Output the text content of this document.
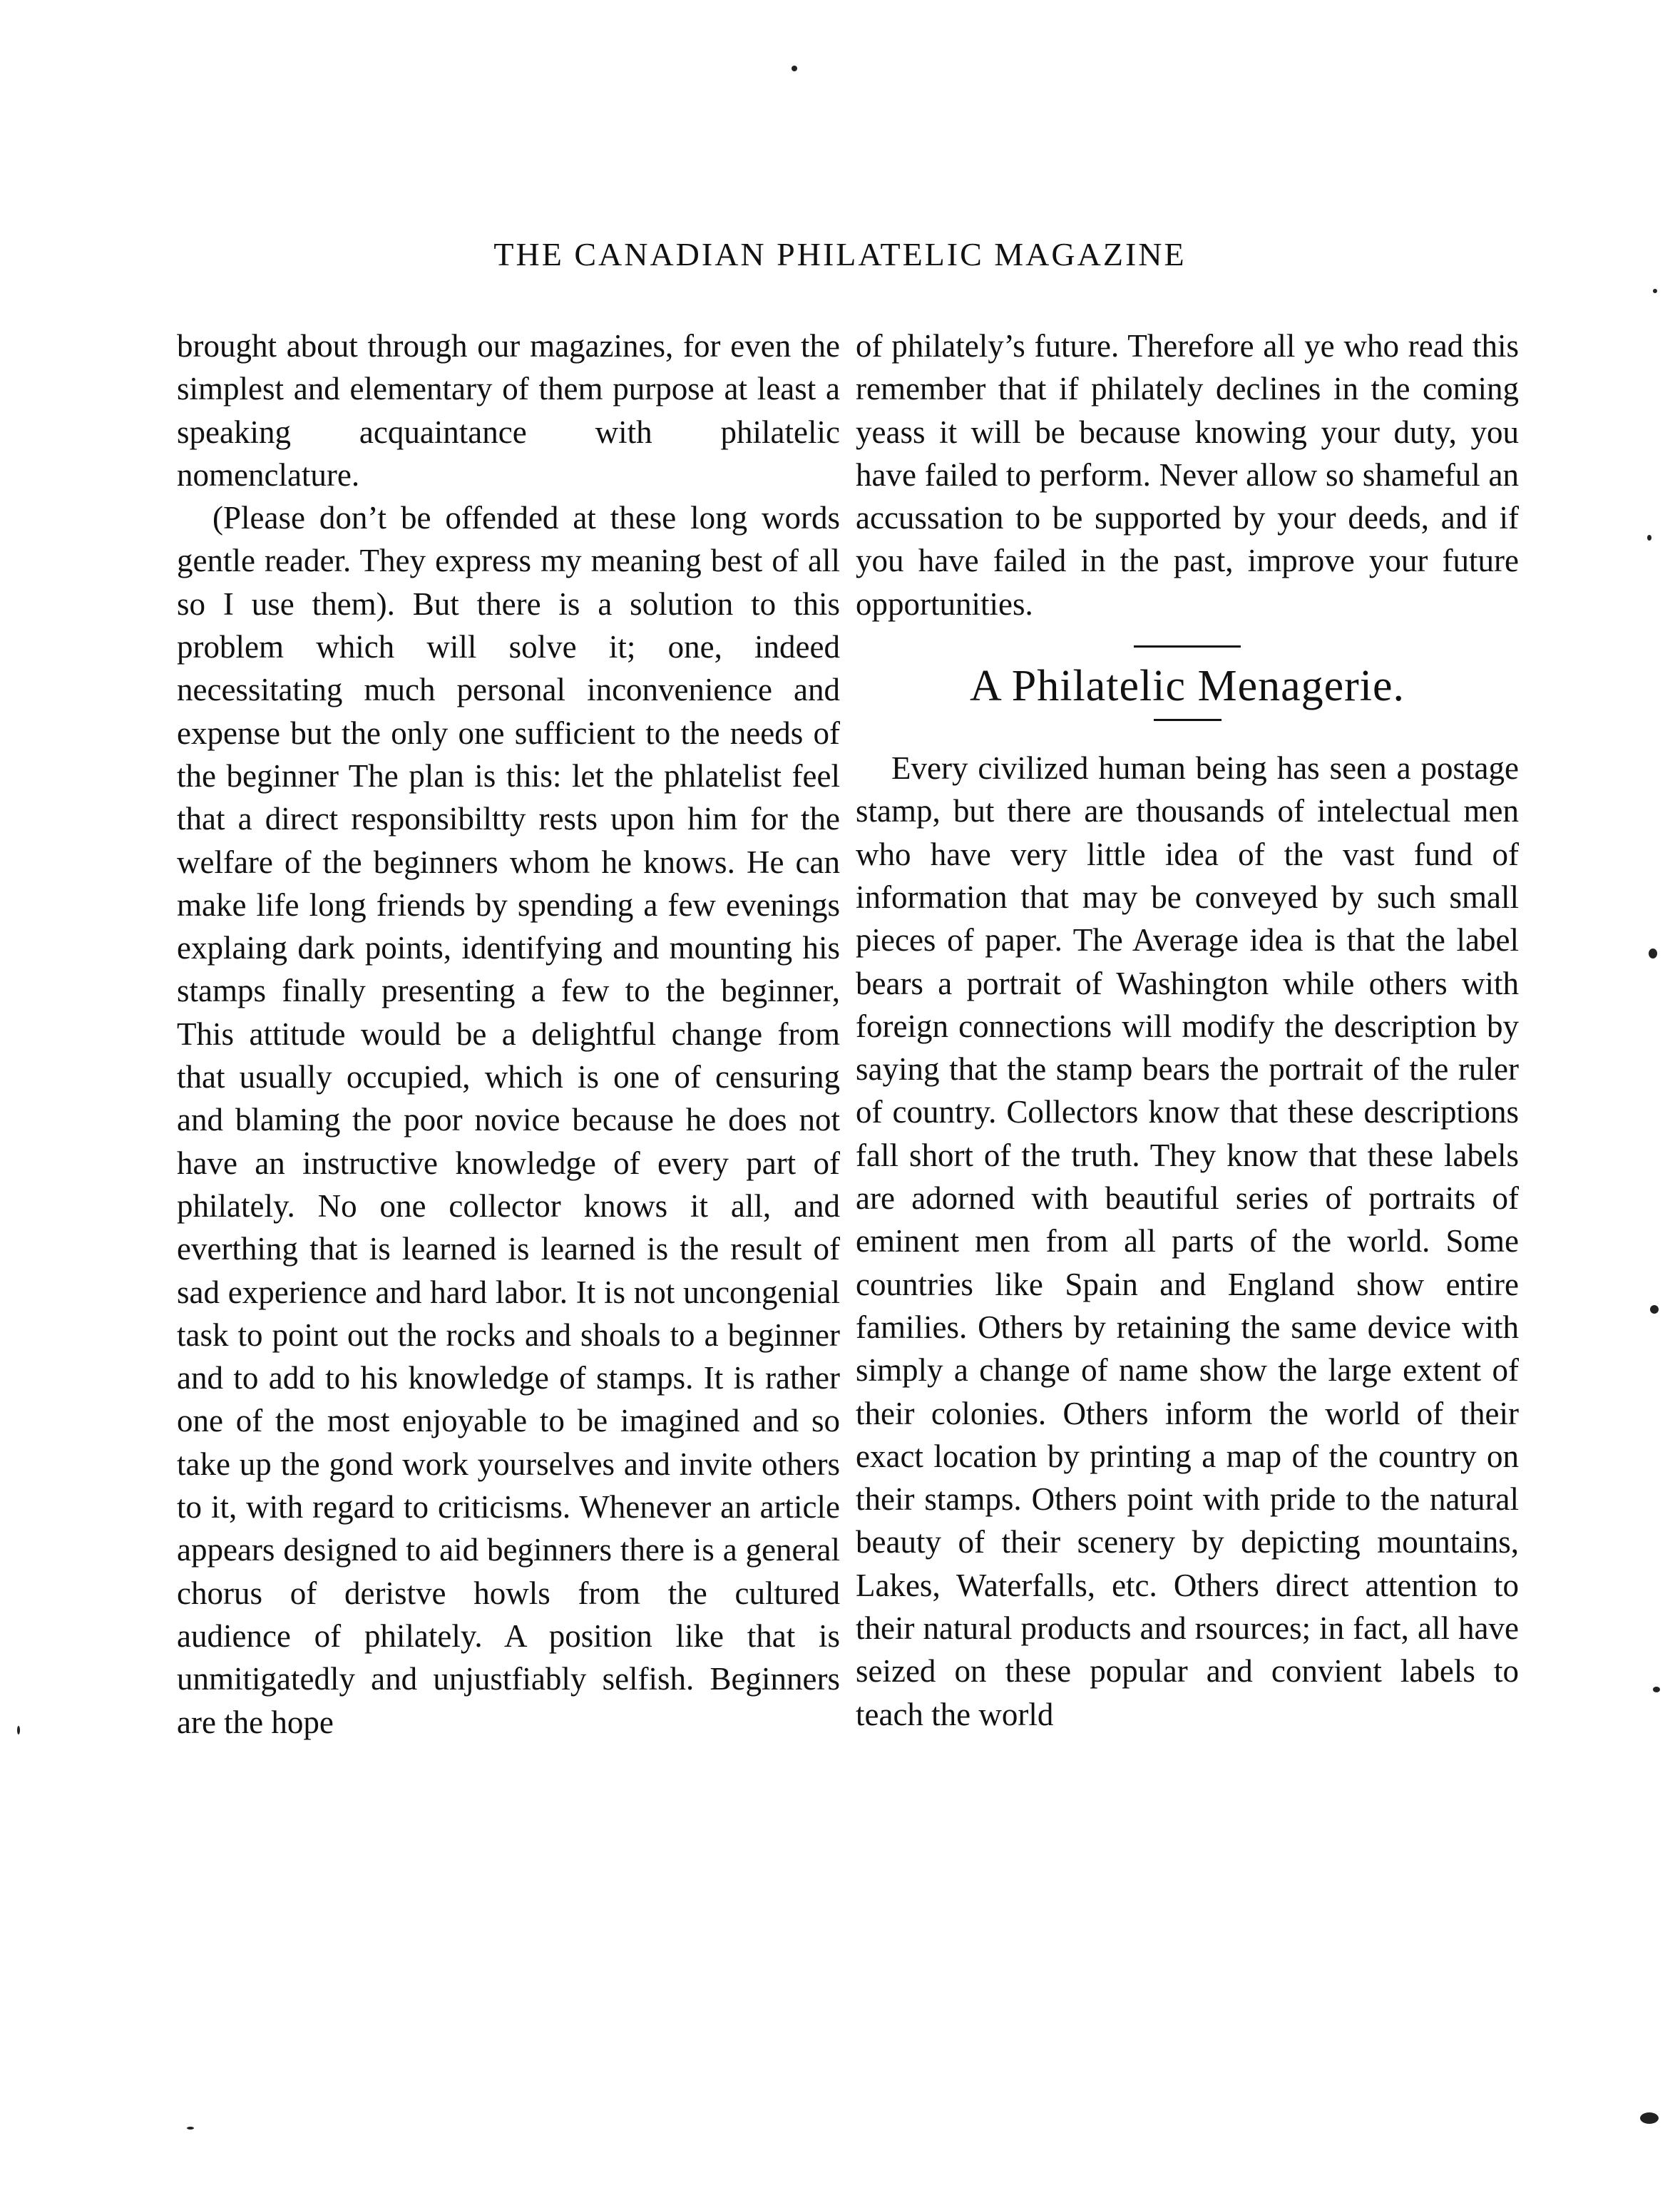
THE CANADIAN PHILATELIC MAGAZINE

brought about through our magazines, for even the simplest and elementary of them purpose at least a speaking acquaintance with philatelic nomenclature.

(Please don’t be offended at these long words gentle reader. They express my meaning best of all so I use them). But there is a solution to this problem which will solve it; one, indeed necessitating much personal inconvenience and expense but the only one sufficient to the needs of the beginner The plan is this: let the phlatelist feel that a direct responsibiltty rests upon him for the welfare of the beginners whom he knows. He can make life long friends by spending a few evenings explaing dark points, identifying and mounting his stamps finally presenting a few to the beginner, This attitude would be a delightful change from that usually occupied, which is one of censuring and blaming the poor novice because he does not have an instructive knowledge of every part of philately. No one collector knows it all, and everthing that is learned is learned is the result of sad experience and hard labor. It is not uncongenial task to point out the rocks and shoals to a beginner and to add to his knowledge of stamps. It is rather one of the most enjoyable to be imagined and so take up the gond work yourselves and invite others to it, with regard to criticisms. Whenever an article appears designed to aid beginners there is a general chorus of deristve howls from the cultured audience of philately. A position like that is unmitigatedly and unjustfiably selfish. Beginners are the hope

of philately’s future. Therefore all ye who read this remember that if philately declines in the coming yeass it will be because knowing your duty, you have failed to perform. Never allow so shameful an accussation to be supported by your deeds, and if you have failed in the past, improve your future opportunities.

A Philatelic Menagerie.

Every civilized human being has seen a postage stamp, but there are thousands of intelectual men who have very little idea of the vast fund of information that may be conveyed by such small pieces of paper. The Average idea is that the label bears a portrait of Washington while others with foreign connections will modify the description by saying that the stamp bears the portrait of the ruler of country. Collectors know that these descriptions fall short of the truth. They know that these labels are adorned with beautiful series of portraits of eminent men from all parts of the world. Some countries like Spain and England show entire families. Others by retaining the same device with simply a change of name show the large extent of their colonies. Others inform the world of their exact location by printing a map of the country on their stamps. Others point with pride to the natural beauty of their scenery by depicting mountains, Lakes, Waterfalls, etc. Others direct attention to their natural products and rsources; in fact, all have seized on these popular and convient labels to teach the world
